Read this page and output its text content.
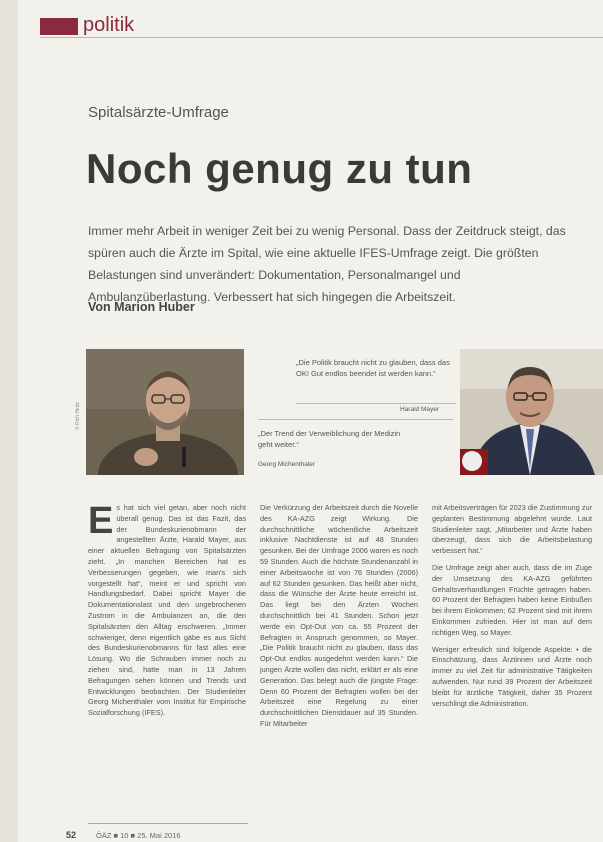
politik
Spitalsärzte-Umfrage
Noch genug zu tun
Immer mehr Arbeit in weniger Zeit bei zu wenig Personal. Dass der Zeitdruck steigt, das spüren auch die Ärzte im Spital, wie eine aktuelle IFES-Umfrage zeigt. Die größten Belastungen sind unverändert: Dokumentation, Personalmangel und Ambulanzüberlastung. Verbessert hat sich hingegen die Arbeitszeit.
Von Marion Huber
© Rich Hintz
„Die Politik braucht nicht zu glauben, dass das OK! Gut endlos beendet ist werden kann.“
Harald Mayer
„Der Trend der Verweiblichung der Medizin geht weiter.“
Georg Michenthaler
E s hat sich viel getan, aber noch nicht überall genug. Das ist das Fazit, das der Bundeskurienobmann der angestellten Ärzte, Harald Mayer, aus einer aktuellen Befragung von Spitalsärzten zieht. „In manchen Bereichen hat es Verbesserungen gegeben, wie man's sich vorgestellt hat“, meint er und spricht von Handlungsbedarf. Dabei spricht Mayer die Dokumentationslast und den ungebrochenen Zustrom in die Ambulanzen an, die den Spitalsärzten den Alltag erschweren. „Immer schwieriger, denn eigentlich gäbe es aus Sicht des Bundeskurienobmanns für fast alles eine Lösung. Wo die Schrauben immer noch zu ziehen sind, hatte man in 13 Jahren Befragungen sehen können und Trends und Entwicklungen beobachten. Der Studienleiter Georg Michenthaler vom Institut für Empirische Sozialforschung (IFES).

Die Verkürzung der Arbeitszeit durch die Novelle des KA-AZG zeigt Wirkung. Die durchschnittliche wöchentliche Arbeitszeit inklusive Nachtdienste ist auf 48 Stunden gesunken. Bei der Umfrage 2006 waren es noch 59 Stunden. Auch die höchste Stundenanzahl in einer Arbeitswoche ist von 76 Stunden (2006) auf 62 Stunden gesunken. Das heißt aber nicht, dass die Wünsche der Ärzte heute erreicht ist. Das liegt bei den Ärzten Wochen durchschnittlich bei 41 Stunden. Schon jetzt werde ein Opt-Out von ca. 55 Prozent der Befragten in Anspruch genommen, so Mayer. „Die Politik braucht nicht zu glauben, dass das Opt-Out endlos ausgedehnt werden kann.“ Die jungen Ärzte wollen das nicht, erklärt er als eine Generation. Das belegt auch die jüngste Frage: Denn 60 Prozent der Befragten wollen bei der Arbeitszeit eine Regelung zu einer durchschnittlichen Dienstdauer auf 35 Stunden. Für Mitarbeiter

mit Arbeitsverträgen für 2023 die Zustimmung zur geplanten Bestimmung abgelehnt wurde. Laut Studienleiter sagt, „Mitarbeiter und Ärzte haben überzeugt, dass sich die Arbeitsbelastung verbessert hat.“

Die Umfrage zeigt aber auch, dass die im Zuge der Umsetzung des KA-AZG geführten Gehaltsverhandlungen Früchte getragen haben. 60 Prozent der Befragten haben keine Einbußen bei ihrem Einkommen; 62 Prozent sind mit ihrem Einkommen zufrieden. Hier ist man auf dem richtigen Weg, so Mayer.

Weniger erfreulich sind folgende Aspekte: • die Einschätzung, dass Ärztinnen und Ärzte noch immer zu viel Zeit für administrative Tätigkeiten aufwenden. Nur rund 39 Prozent der Arbeitszeit bleibt für ärztliche Tätigkeit, daher 35 Prozent verschlingt die Administration.

52	ÖÄZ ■ 10 ■ 25. Mai 2016
